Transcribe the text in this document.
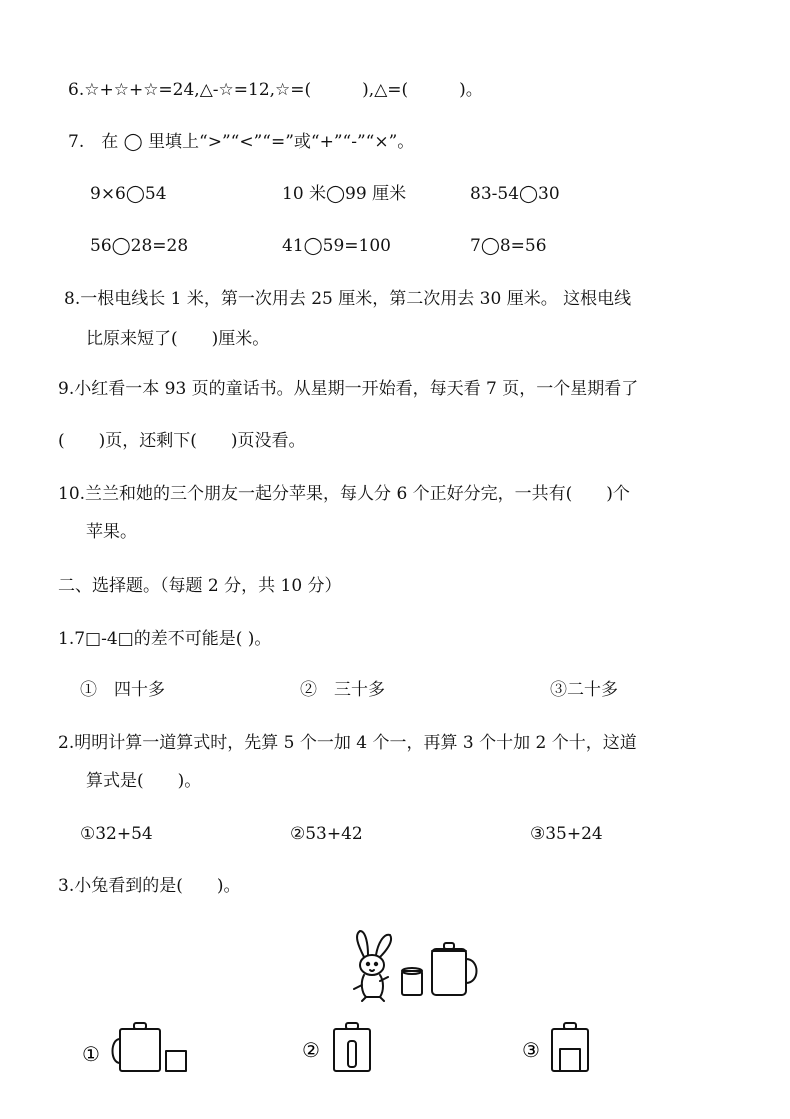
6.☆+☆+☆=24,△-☆=12,☆=(　　　),△=(　　　)。
7.　在 ◯ 里填上“>”“<”“=”或“+”“-”“×”。
9×6◯54	10 米◯99 厘米	83-54◯30
56◯28=28	41◯59=100	7◯8=56
8.一根电线长 1 米，第一次用去 25 厘米，第二次用去 30 厘米。 这根电线
比原来短了(　　)厘米。
9.小红看一本 93 页的童话书。从星期一开始看，每天看 7 页，一个星期看了
(　　)页，还剩下(　　)页没看。
10.兰兰和她的三个朋友一起分苹果，每人分 6 个正好分完，一共有(　　)个
苹果。
二、选择题。（每题 2 分，共 10 分）
1.7□-4□的差不可能是( )。
①　四十多	②　三十多	③二十多
2.明明计算一道算式时，先算 5 个一加 4 个一，再算 3 个十加 2 个十，这道
算式是(　　)。
①32+54	②53+42	③35+24
3.小兔看到的是(　　)。
①	②	③
